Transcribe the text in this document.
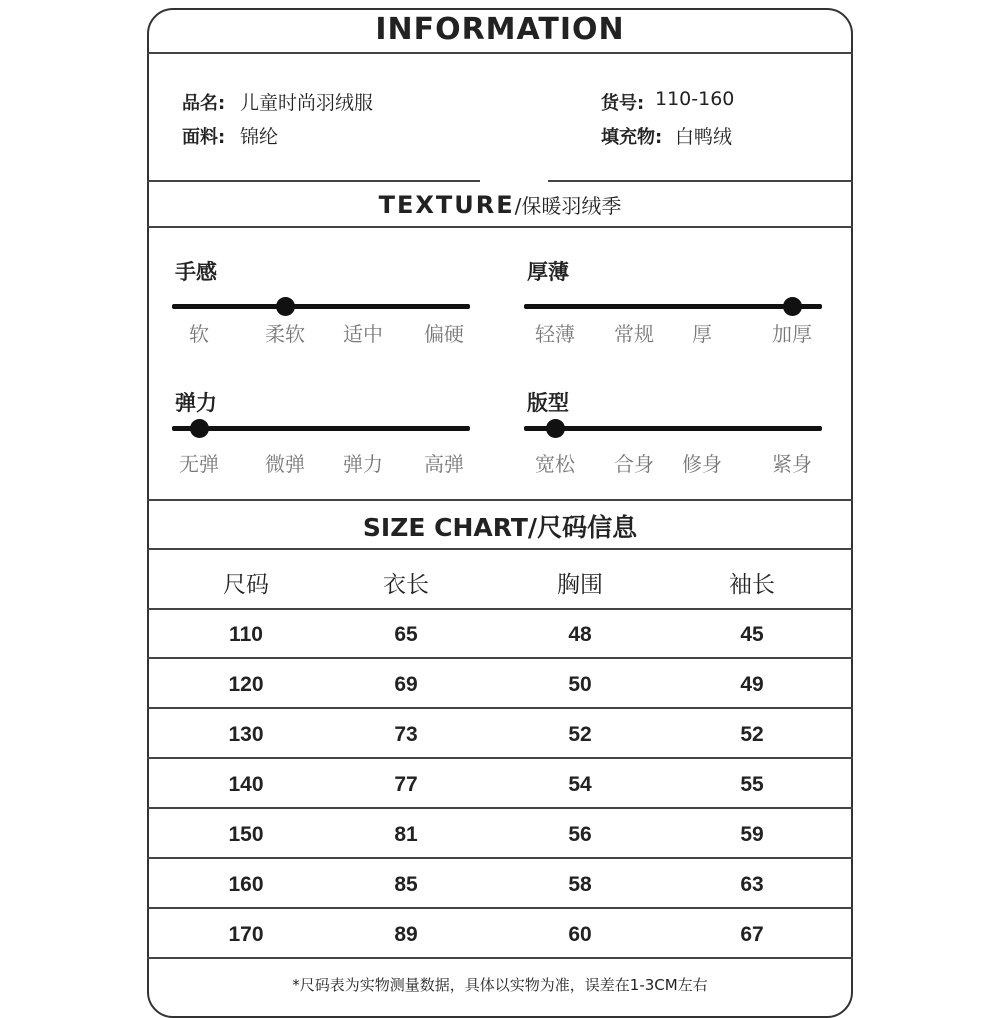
INFORMATION
品名: 儿童时尚羽绒服	货号: 110-160
面料: 锦纶	填充物: 白鸭绒
TEXTURE/保暖羽绒季
手感
软	柔软	适中	偏硬
厚薄
轻薄	常规	厚	加厚
弹力
无弹	微弹	弹力	高弹
版型
宽松	合身	修身	紧身
SIZE CHART/尺码信息
尺码	衣长	胸围	袖长
110	65	48	45
120	69	50	49
130	73	52	52
140	77	54	55
150	81	56	59
160	85	58	63
170	89	60	67
*尺码表为实物测量数据，具体以实物为准，误差在1-3CM左右
